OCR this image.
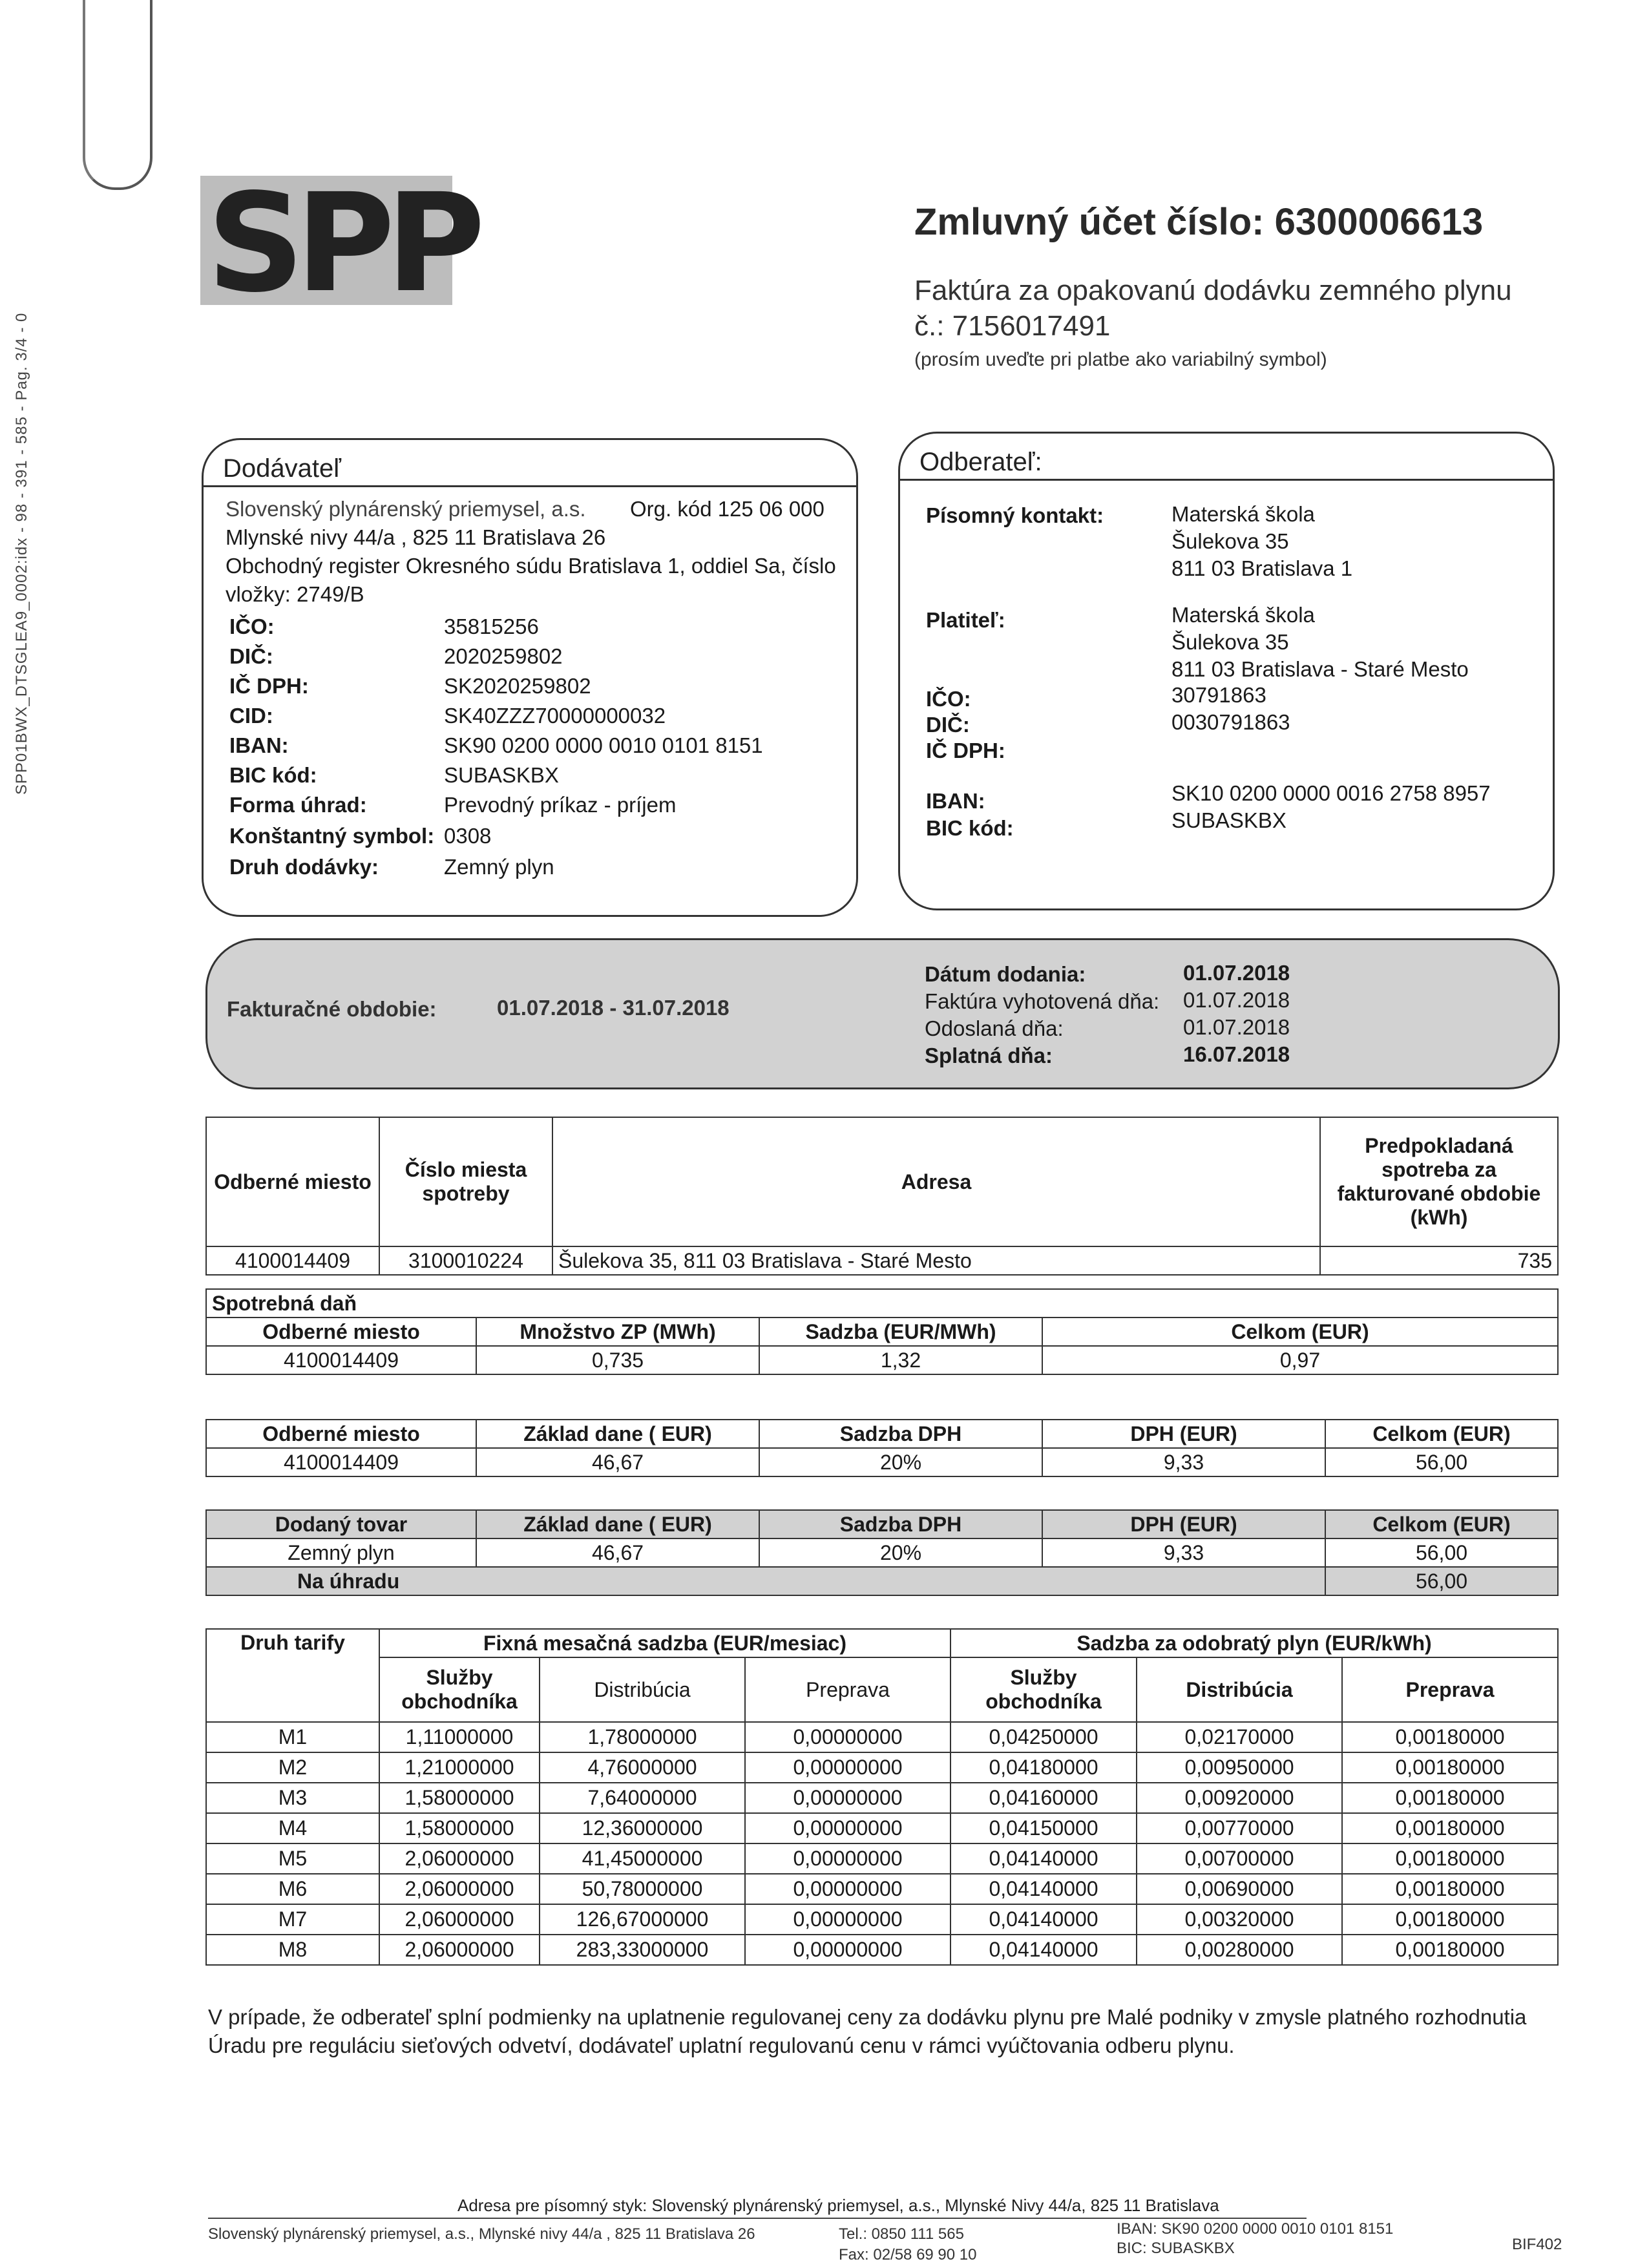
SPP01BWX_DTSGLEA9_0002:idx - 98 - 391 - 585 - Pag. 3/4 - 0
SPP	Zmluvný účet číslo: 6300006613
Faktúra za opakovanú dodávku zemného plynu
č.: 7156017491
(prosím uveďte pri platbe ako variabilný symbol)
Dodávateľ
Slovenský plynárenský priemysel, a.s. Org. kód 125 06 000
Mlynské nivy 44/a , 825 11 Bratislava 26
Obchodný register Okresného súdu Bratislava 1, oddiel Sa, číslo
vložky: 2749/B
IČO:	35815256
DIČ:	2020259802
IČ DPH:	SK2020259802
CID:	SK40ZZZ70000000032
IBAN:	SK90 0200 0000 0010 0101 8151
BIC kód:	SUBASKBX
Forma úhrad:	Prevodný príkaz - príjem
Konštantný symbol: 0308
Druh dodávky:	Zemný plyn
Odberateľ:
Písomný kontakt:	Materská škola
Šulekova 35
811 03 Bratislava 1
Platiteľ:	Materská škola
Šulekova 35
811 03 Bratislava - Staré Mesto
IČO:	30791863
DIČ:	0030791863
IČ DPH:
IBAN:	SK10 0200 0000 0016 2758 8957
BIC kód:	SUBASKBX
Fakturačné obdobie:	01.07.2018 - 31.07.2018
Dátum dodania:	01.07.2018
Faktúra vyhotovená dňa: 01.07.2018
Odoslaná dňa:	01.07.2018
Splatná dňa:	16.07.2018
Odberné miesto	Číslo miesta spotreby	Adresa	Predpokladaná spotreba za fakturované obdobie (kWh)
4100014409	3100010224	Šulekova 35, 811 03 Bratislava - Staré Mesto	735
Spotrebná daň			
Odberné miesto	Množstvo ZP (MWh)	Sadzba (EUR/MWh)	Celkom (EUR)
4100014409	0,735	1,32	0,97
Odberné miesto	Základ dane ( EUR)	Sadzba DPH	DPH (EUR)	Celkom (EUR)
4100014409	46,67	20%	9,33	56,00
Dodaný tovar	Základ dane ( EUR)	Sadzba DPH	DPH (EUR)	Celkom (EUR)
Zemný plyn	46,67	20%	9,33	56,00
Na úhradu				56,00
Druh tarify	Fixná mesačná sadzba (EUR/mesiac)			Sadzba za odobratý plyn (EUR/kWh)		
	Služby obchodníka	Distribúcia	Preprava	Služby obchodníka	Distribúcia	Preprava
M1	1,11000000	1,78000000	0,00000000	0,04250000	0,02170000	0,00180000
M2	1,21000000	4,76000000	0,00000000	0,04180000	0,00950000	0,00180000
M3	1,58000000	7,64000000	0,00000000	0,04160000	0,00920000	0,00180000
M4	1,58000000	12,36000000	0,00000000	0,04150000	0,00770000	0,00180000
M5	2,06000000	41,45000000	0,00000000	0,04140000	0,00700000	0,00180000
M6	2,06000000	50,78000000	0,00000000	0,04140000	0,00690000	0,00180000
M7	2,06000000	126,67000000	0,00000000	0,04140000	0,00320000	0,00180000
M8	2,06000000	283,33000000	0,00000000	0,04140000	0,00280000	0,00180000
V prípade, že odberateľ splní podmienky na uplatnenie regulovanej ceny za dodávku plynu pre Malé podniky v zmysle platného rozhodnutia Úradu pre reguláciu sieťových odvetví, dodávateľ uplatní regulovanú cenu v rámci vyúčtovania odberu plynu.
Adresa pre písomný styk: Slovenský plynárenský priemysel, a.s., Mlynské Nivy 44/a, 825 11 Bratislava
Slovenský plynárenský priemysel, a.s., Mlynské nivy 44/a , 825 11 Bratislava 26	Tel.: 0850 111 565
Fax: 02/58 69 90 10
IBAN: SK90 0200 0000 0010 0101 8151
BIC: SUBASKBX	BIF402
